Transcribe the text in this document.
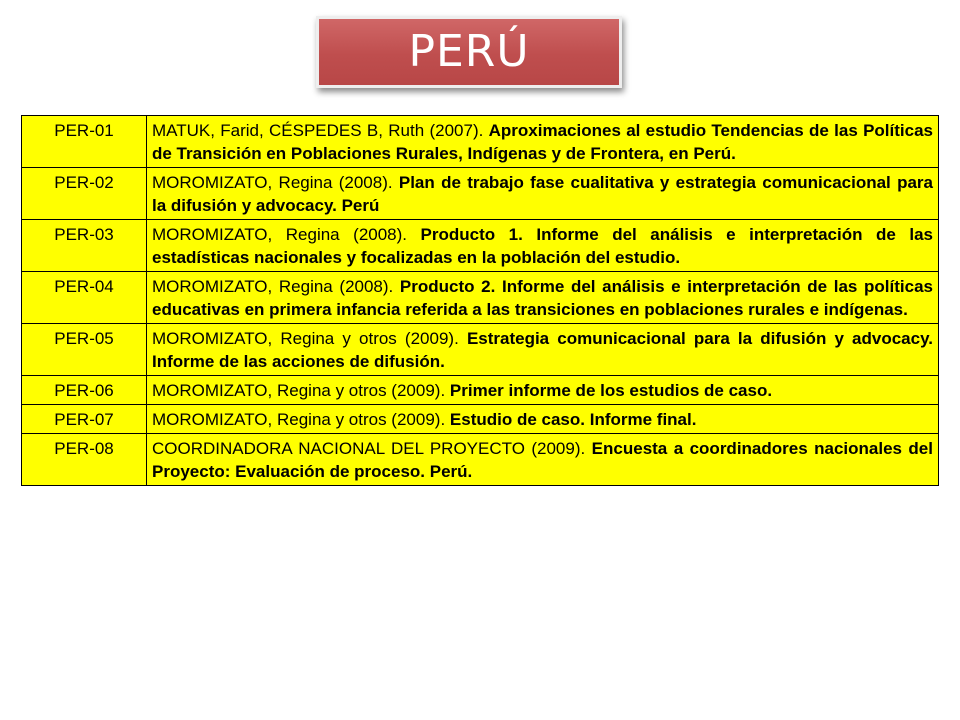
PERÚ
PER-01	MATUK, Farid, CÉSPEDES B, Ruth (2007). Aproximaciones al estudio Tendencias de las Políticas de Transición en Poblaciones Rurales, Indígenas y de Frontera, en Perú.
PER-02	MOROMIZATO, Regina (2008). Plan de trabajo fase cualitativa y estrategia comunicacional para la difusión y advocacy. Perú
PER-03	MOROMIZATO, Regina (2008). Producto 1. Informe del análisis e interpretación de las estadísticas nacionales y focalizadas en la población del estudio.
PER-04	MOROMIZATO, Regina (2008). Producto 2. Informe del análisis e interpretación de las políticas educativas en primera infancia referida a las transiciones en poblaciones rurales e indígenas.
PER-05	MOROMIZATO, Regina y otros (2009). Estrategia comunicacional para la difusión y advocacy. Informe de las acciones de difusión.
PER-06	MOROMIZATO, Regina y otros (2009). Primer informe de los estudios de caso.
PER-07	MOROMIZATO, Regina y otros (2009). Estudio de caso. Informe final.
PER-08	COORDINADORA NACIONAL DEL PROYECTO (2009). Encuesta a coordinadores nacionales del Proyecto: Evaluación de proceso. Perú.
